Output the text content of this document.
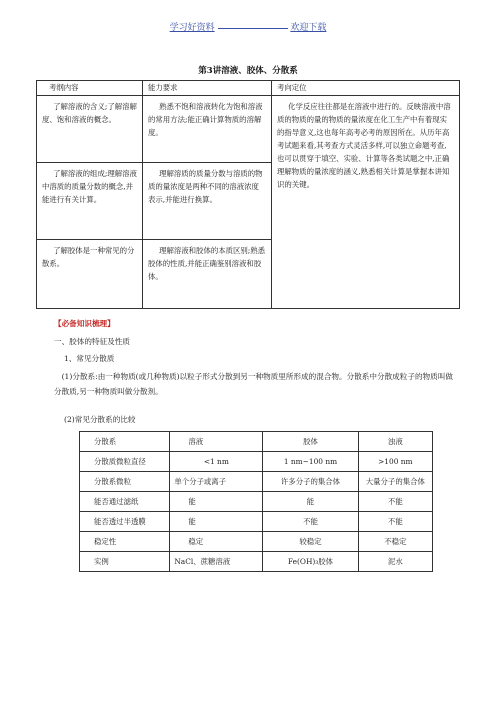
学习好资料	欢迎下载
第3讲溶液、胶体、分散系
考纲内容	能力要求	考向定位
了解溶液的含义;了解溶解度、饱和溶液的概念。	熟悉不饱和溶液转化为饱和溶液的常用方法;能正确计算物质的溶解度。	化学反应往往都是在溶液中进行的。反映溶液中溶质的物质的量的物质的量浓度在化工生产中有着现实的指导意义,这也每年高考必考的原因所在。从历年高考试题来看,其考查方式灵活多样,可以独立命题考查,也可以贯穿于填空、实验、计算等各类试题之中,正确理解物质的量浓度的涵义,熟悉相关计算是掌握本讲知识的关键。
了解溶液的组成;理解溶液中溶质的质量分数的概念,并能进行有关计算。	理解溶质的质量分数与溶质的物质的量浓度是两种不同的溶液浓度表示,并能进行换算。	
了解胶体是一种常见的分散系。	理解溶液和胶体的本质区别;熟悉胶体的性质,并能正确鉴别溶液和胶体。	
【必备知识梳理】
一、胶体的特征及性质
1、常见分散质
(1)分散系:由一种物质(或几种物质)以粒子形式分散到另一种物质里所形成的混合物。分散系中分散成粒子的物质叫做分散质,另一种物质叫做分散剂。
(2)常见分散系的比较
分散系	溶液	胶体	浊液
分散质微粒直径	<1 nm	1 nm~100 nm	>100 nm
分散系微粒	单个分子或离子	许多分子的集合体	大量分子的集合体
能否通过滤纸	能	能	不能
能否透过半透膜	能	不能	不能
稳定性	稳定	较稳定	不稳定
实例	NaCl、蔗糖溶液	Fe(OH)₃胶体	泥水
